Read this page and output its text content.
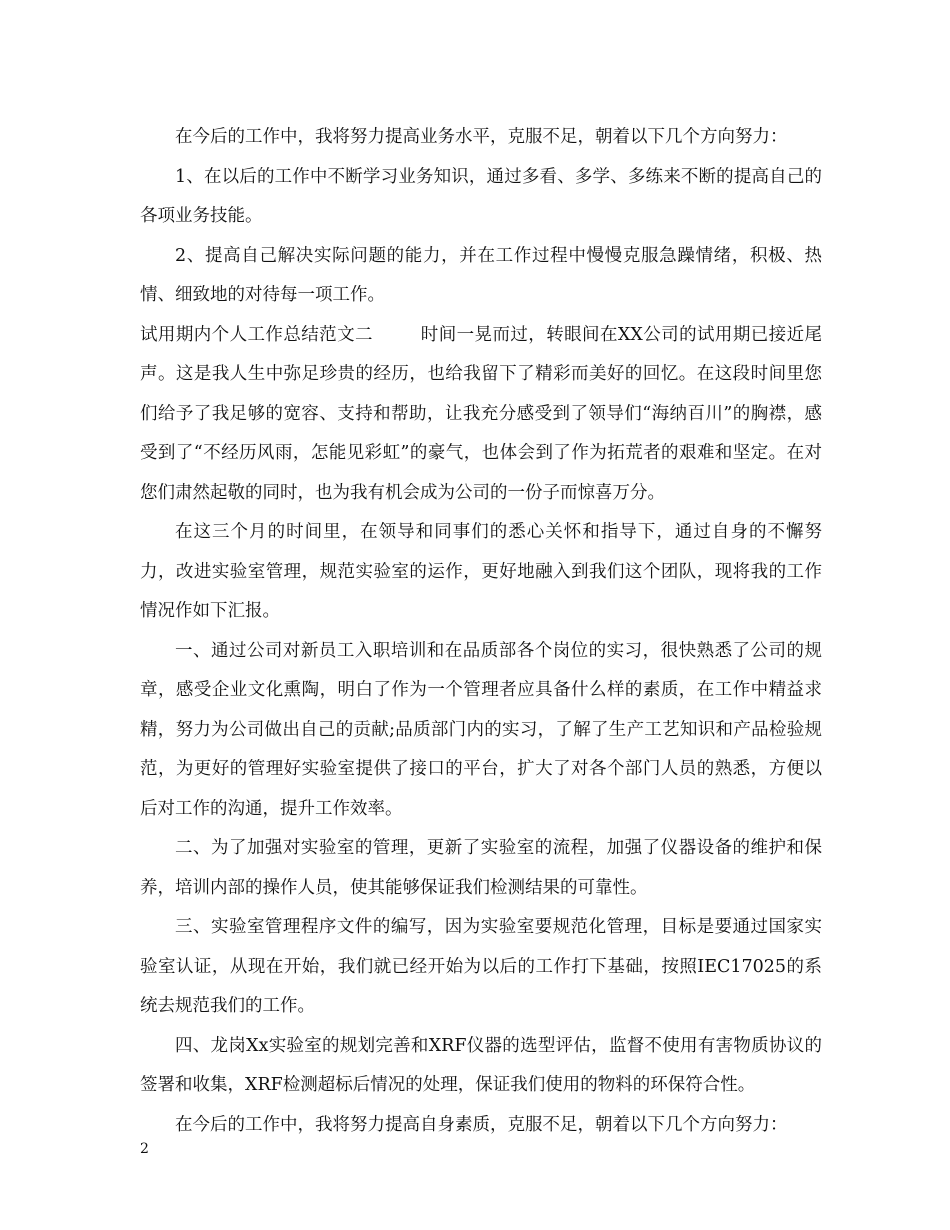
在今后的工作中，我将努力提高业务水平，克服不足，朝着以下几个方向努力：

1、在以后的工作中不断学习业务知识，通过多看、多学、多练来不断的提高自己的各项业务技能。

2、提高自己解决实际问题的能力，并在工作过程中慢慢克服急躁情绪，积极、热情、细致地的对待每一项工作。

试用期内个人工作总结范文二	时间一晃而过，转眼间在XX公司的试用期已接近尾声。这是我人生中弥足珍贵的经历，也给我留下了精彩而美好的回忆。在这段时间里您们给予了我足够的宽容、支持和帮助，让我充分感受到了领导们“海纳百川”的胸襟，感受到了“不经历风雨，怎能见彩虹”的豪气，也体会到了作为拓荒者的艰难和坚定。在对您们肃然起敬的同时，也为我有机会成为公司的一份子而惊喜万分。

在这三个月的时间里，在领导和同事们的悉心关怀和指导下，通过自身的不懈努力，改进实验室管理，规范实验室的运作，更好地融入到我们这个团队，现将我的工作情况作如下汇报。

一、通过公司对新员工入职培训和在品质部各个岗位的实习，很快熟悉了公司的规章，感受企业文化熏陶，明白了作为一个管理者应具备什么样的素质，在工作中精益求精，努力为公司做出自己的贡献;品质部门内的实习，了解了生产工艺知识和产品检验规范，为更好的管理好实验室提供了接口的平台，扩大了对各个部门人员的熟悉，方便以后对工作的沟通，提升工作效率。

二、为了加强对实验室的管理，更新了实验室的流程，加强了仪器设备的维护和保养，培训内部的操作人员，使其能够保证我们检测结果的可靠性。

三、实验室管理程序文件的编写，因为实验室要规范化管理，目标是要通过国家实验室认证，从现在开始，我们就已经开始为以后的工作打下基础，按照IEC17025的系统去规范我们的工作。

四、龙岗Xx实验室的规划完善和XRF仪器的选型评估，监督不使用有害物质协议的签署和收集，XRF检测超标后情况的处理，保证我们使用的物料的环保符合性。

在今后的工作中，我将努力提高自身素质，克服不足，朝着以下几个方向努力：

2
